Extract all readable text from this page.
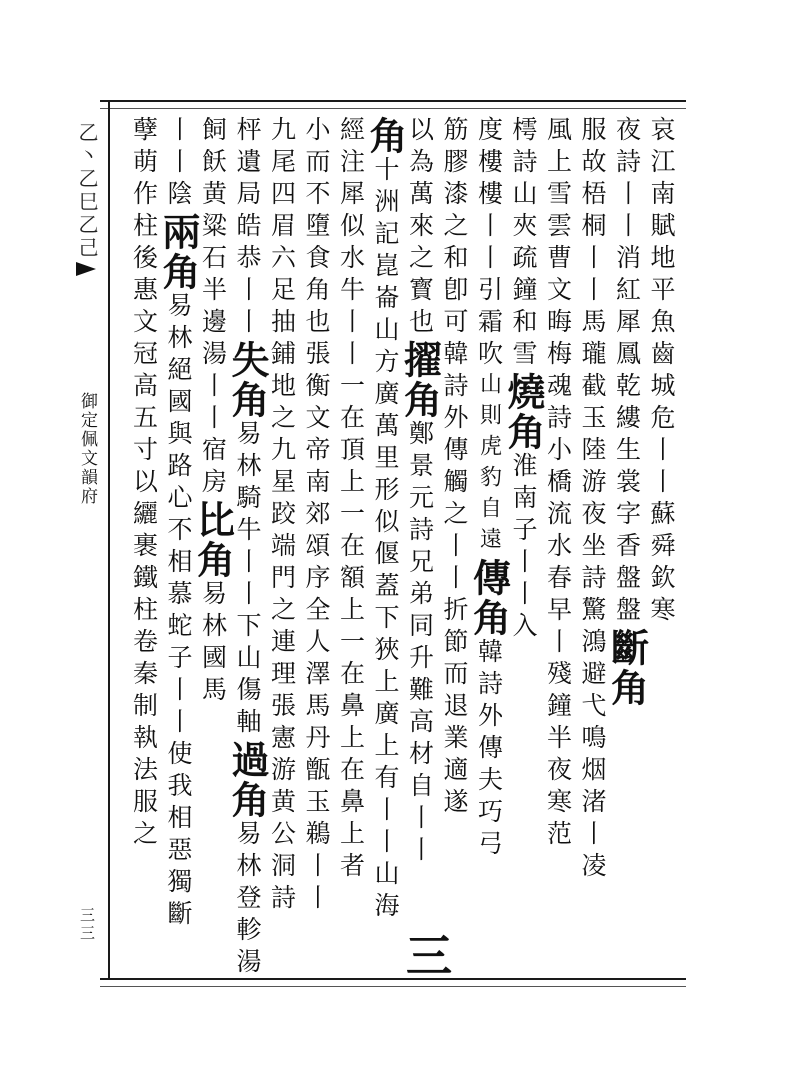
乙丶乙巳乙己
御定佩文韻府
三三
哀江南賦地平魚齒城危丨丨蘇舜欽寒
夜詩丨丨消紅犀鳳乾縷生裳字香盤盤斷角
服故梧桐丨丨馬瓏截玉陸游夜坐詩驚鴻避弋鳴烟渚丨凌
風上雪雲曹文晦梅魂詩小橋流水春早丨殘鐘半夜寒范
樗詩山夾疏鐘和雪燒角淮南子丨丨入
度樓樓丨丨引霜吹山則虎豹自遠傳角韓詩外傳夫巧弓
筋膠漆之和卽可韓詩外傳觸之丨丨折節而退業適遂
以為萬來之寳也擢角鄭景元詩兄弟同升難高材自丨丨
角十洲記崑崙山方廣萬里形似偃蓋下狹上廣上有丨丨山海
經注犀似水牛丨丨一在頂上一在額上一在鼻上在鼻上者
小而不墮食角也張衡文帝南郊頌序全人澤馬丹甑玉鵜丨丨
九尾四眉六足抽鋪地之九星跤端門之連理張憲游黄公洞詩
枰遺局皓恭丨丨失角易林騎牛丨丨下山傷軸過角易林登軫湯
飼飫黄粱石半邊湯丨丨宿房比角易林國馬
丨丨陰兩角易林絕國與路心不相慕蛇子丨丨使我相惡獨斷
孽萌作柱後惠文冠高五寸以纚裹鐵柱卷秦制執法服之
三
